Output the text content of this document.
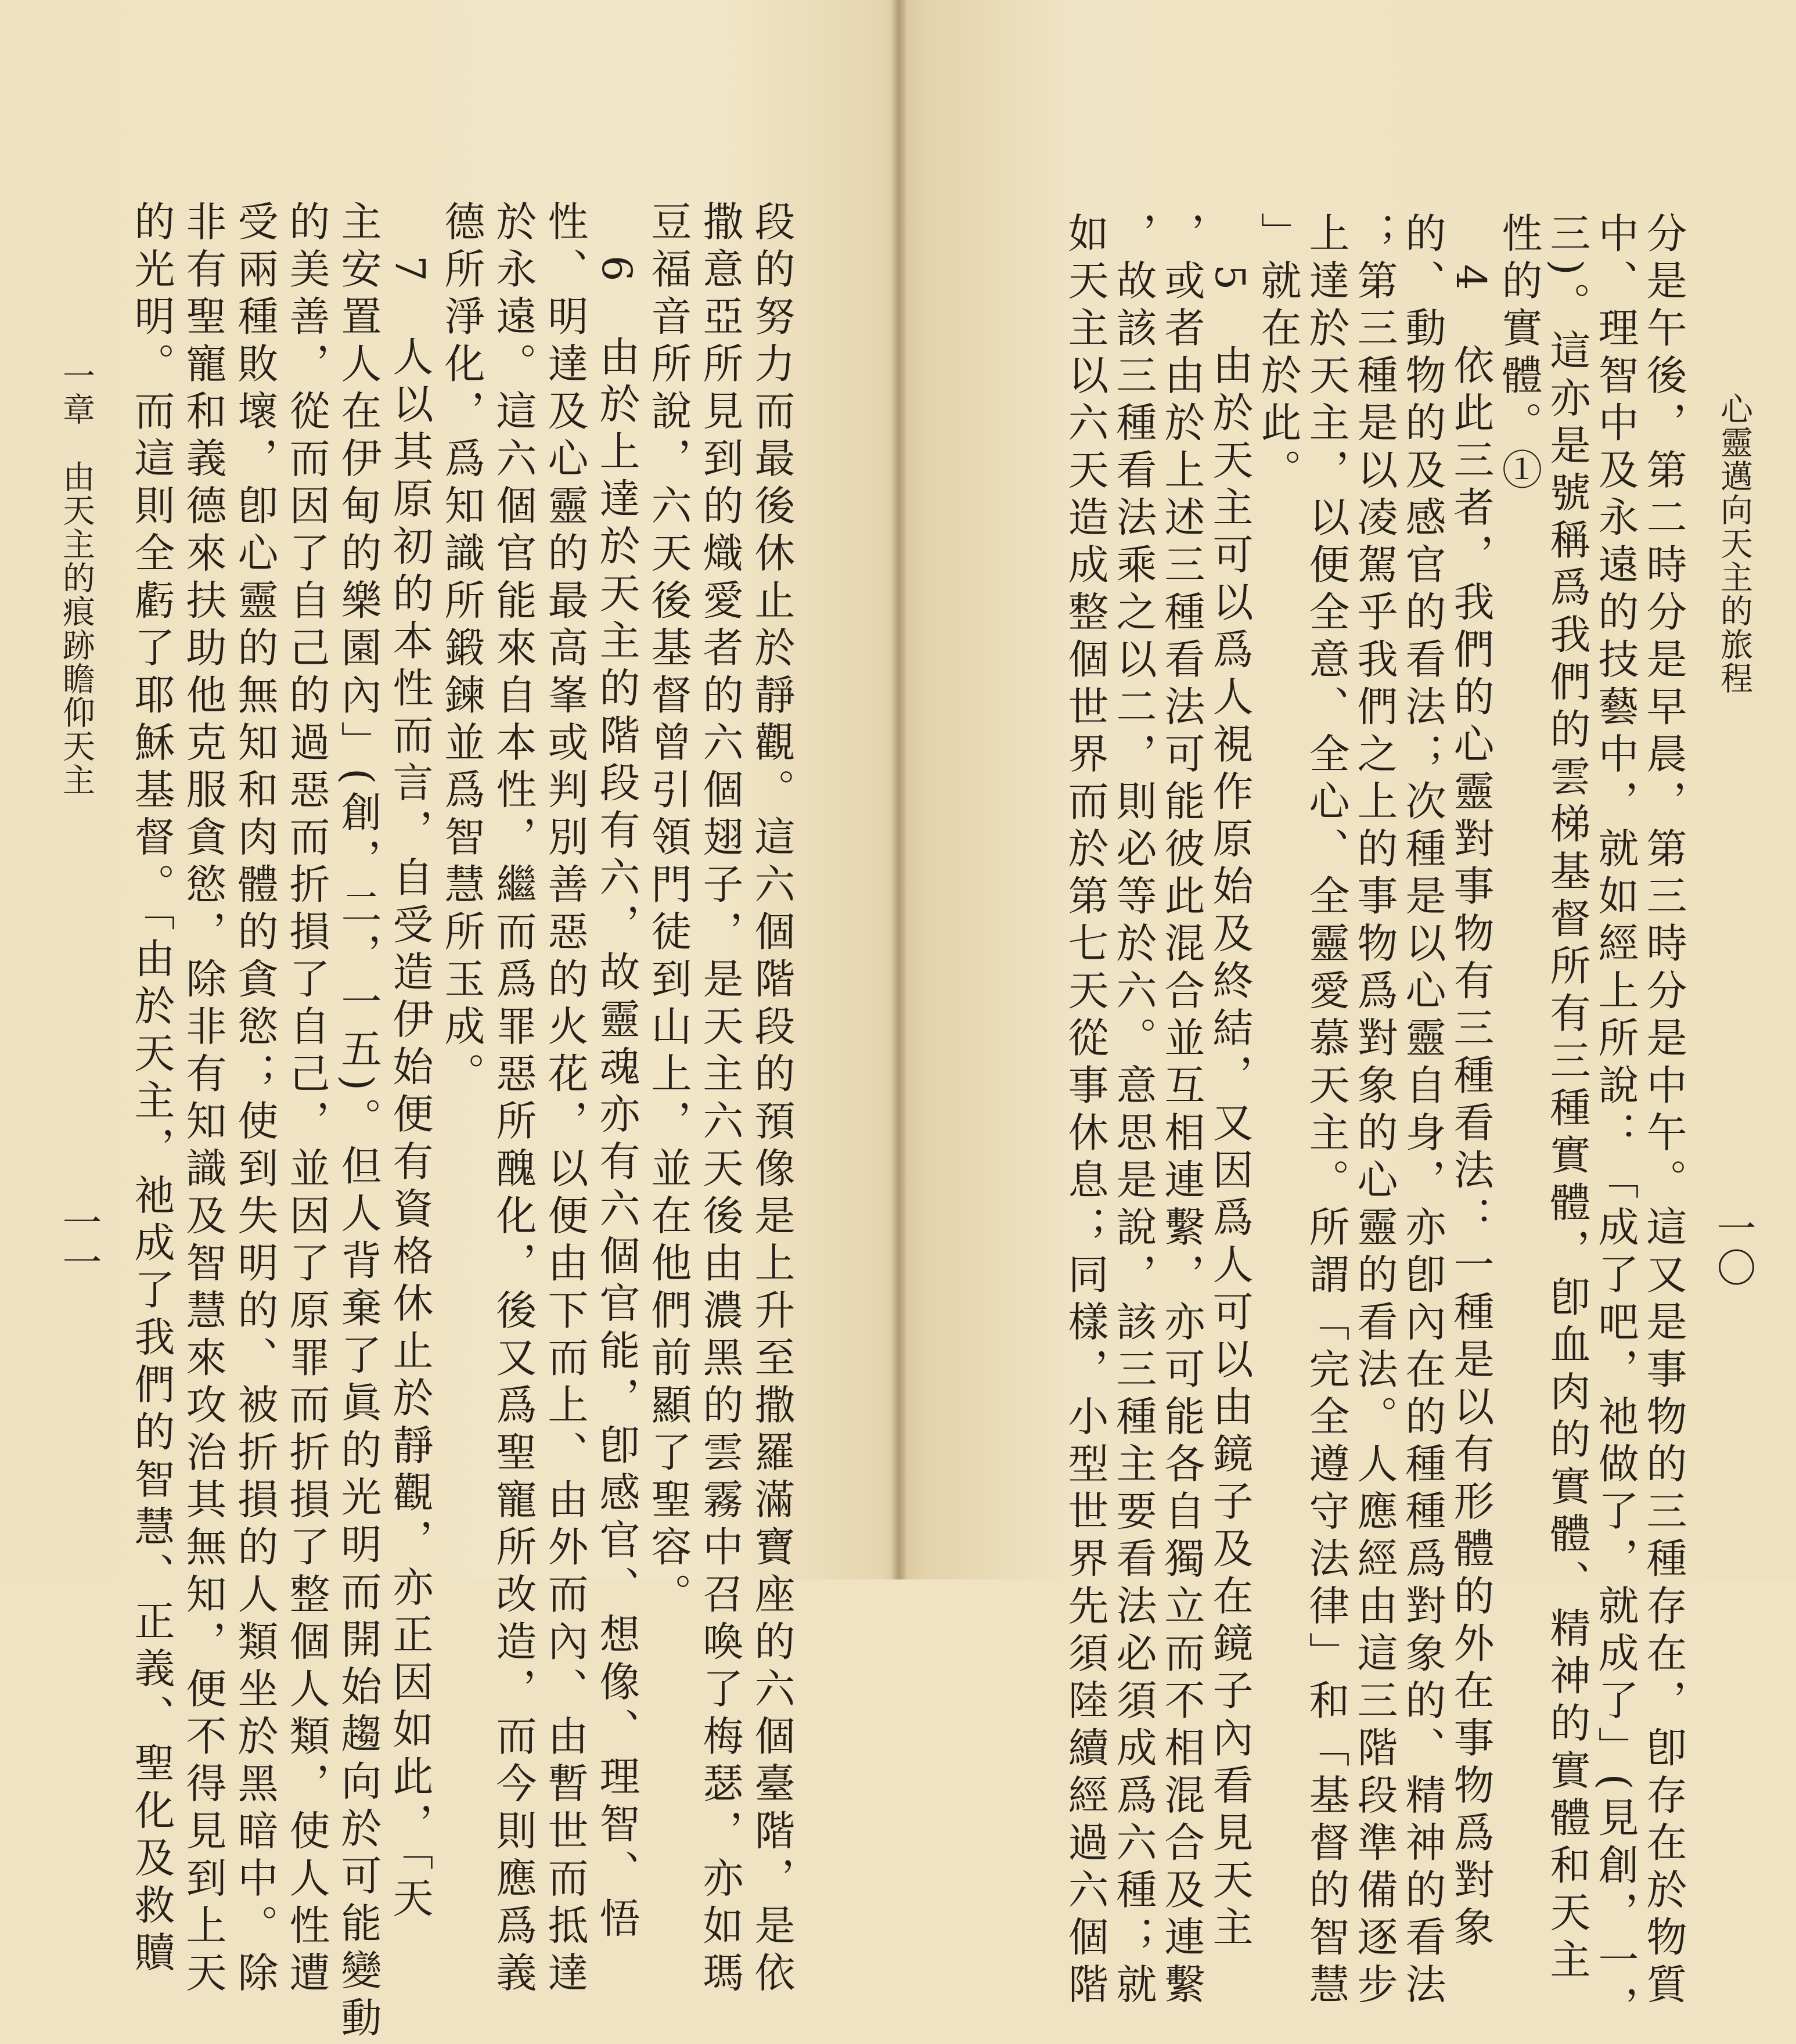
心靈邁向天主的旅程
一〇
分是午後，第二時分是早晨，第三時分是中午。這又是事物的三種存在，卽存在於物質
中、理智中及永遠的技藝中，就如經上所說：「成了吧，祂做了，就成了」(見創，一，
三)。這亦是號稱爲我們的雲梯基督所有三種實體，卽血肉的實體、精神的實體和天主
性的實體。①
4　依此三者，我們的心靈對事物有三種看法：一種是以有形體的外在事物爲對象
的、動物的及感官的看法；次種是以心靈自身，亦卽內在的種種爲對象的、精神的看法
；第三種是以凌駕乎我們之上的事物爲對象的心靈的看法。人應經由這三階段準備逐步
上達於天主，以便全意、全心、全靈愛慕天主。所謂「完全遵守法律」和「基督的智慧
」就在於此。
5　由於天主可以爲人視作原始及終結，又因爲人可以由鏡子及在鏡子內看見天主
，或者由於上述三種看法可能彼此混合並互相連繫，亦可能各自獨立而不相混合及連繫
，故該三種看法乘之以二，則必等於六。意思是說，該三種主要看法必須成爲六種；就
如天主以六天造成整個世界而於第七天從事休息；同樣，小型世界先須陸續經過六個階
一章　由天主的痕跡瞻仰天主
一一	段的努力而最後休止於靜觀。這六個階段的預像是上升至撒羅滿寶座的六個臺階，是依
撒意亞所見到的熾愛者的六個翅子，是天主六天後由濃黑的雲霧中召喚了梅瑟，亦如瑪
豆福音所說，六天後基督曾引領門徒到山上，並在他們前顯了聖容。
6　由於上達於天主的階段有六，故靈魂亦有六個官能，卽感官、想像、理智、悟
性、明達及心靈的最高峯或判別善惡的火花，以便由下而上、由外而內、由暫世而抵達
於永遠。這六個官能來自本性，繼而爲罪惡所醜化，後又爲聖寵所改造，而今則應爲義
德所淨化，爲知識所鍛鍊並爲智慧所玉成。
7　人以其原初的本性而言，自受造伊始便有資格休止於靜觀，亦正因如此，「天
主安置人在伊甸的樂園內」(創，二，一五)。但人背棄了眞的光明而開始趨向於可能變動
的美善，從而因了自己的過惡而折損了自己，並因了原罪而折損了整個人類，使人性遭
受兩種敗壞，卽心靈的無知和肉體的貪慾；使到失明的、被折損的人類坐於黑暗中。除
非有聖寵和義德來扶助他克服貪慾，除非有知識及智慧來攻治其無知，便不得見到上天
的光明。而這則全虧了耶穌基督。「由於天主，祂成了我們的智慧、正義、聖化及救贖
